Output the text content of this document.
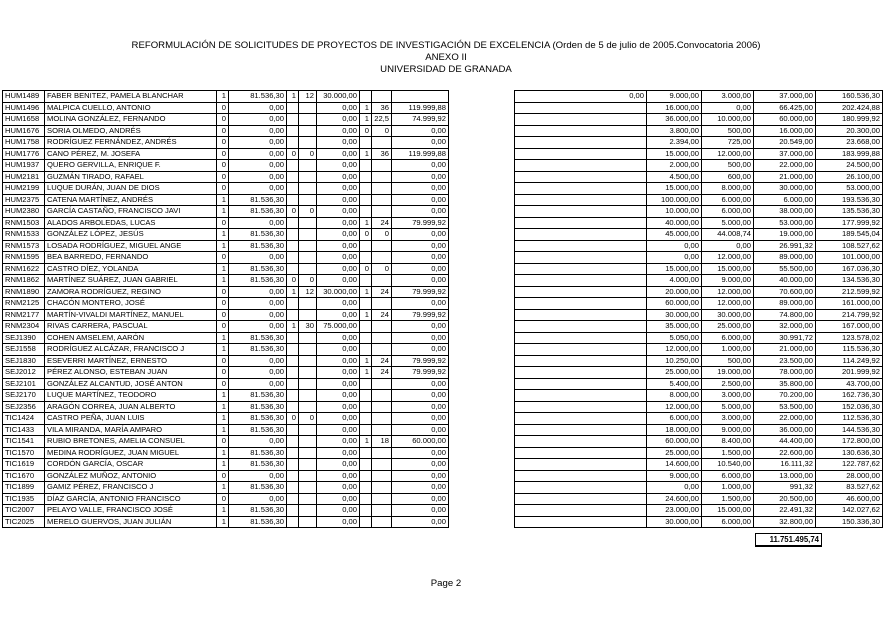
REFORMULACIÓN DE SOLICITUDES DE PROYECTOS DE INVESTIGACIÓN DE EXCELENCIA (Orden de 5 de julio de 2005.Convocatoria 2006)
ANEXO II
UNIVERSIDAD DE GRANADA
HUM1489	FABER BENITEZ, PAMELA BLANCHAR	1	81.536,30	1	12	30.000,00					0,00	9.000,00	3.000,00	37.000,00	160.536,30
HUM1496	MALPICA CUELLO, ANTONIO	0	0,00			0,00	1	36	119.999,88			16.000,00	0,00	66.425,00	202.424,88
HUM1658	MOLINA GONZÁLEZ, FERNANDO	0	0,00			0,00	1	22,5	74.999,92			36.000,00	10.000,00	60.000,00	180.999,92
HUM1676	SORIA OLMEDO, ANDRÉS	0	0,00			0,00	0	0	0,00			3.800,00	500,00	16.000,00	20.300,00
HUM1758	RODRÍGUEZ FERNÁNDEZ, ANDRÉS	0	0,00			0,00			0,00			2.394,00	725,00	20.549,00	23.668,00
HUM1776	CANO PÉREZ, M. JOSEFA	0	0,00	0	0	0,00	1	36	119.999,88			15.000,00	12.000,00	37.000,00	183.999,88
HUM1937	QUERO GERVILLA, ENRIQUE F.	0	0,00			0,00			0,00			2.000,00	500,00	22.000,00	24.500,00
HUM2181	GUZMÁN TIRADO, RAFAEL	0	0,00			0,00			0,00			4.500,00	600,00	21.000,00	26.100,00
HUM2199	LUQUE DURÁN, JUAN DE DIOS	0	0,00			0,00			0,00			15.000,00	8.000,00	30.000,00	53.000,00
HUM2375	CATENA MARTÍNEZ, ANDRÉS	1	81.536,30			0,00			0,00			100.000,00	6.000,00	6.000,00	193.536,30
HUM2380	GARCÍA CASTAÑO, FRANCISCO JAVI	1	81.536,30	0	0	0,00			0,00			10.000,00	6.000,00	38.000,00	135.536,30
RNM1503	ALADOS ARBOLEDAS, LUCAS	0	0,00			0,00	1	24	79.999,92			40.000,00	5.000,00	53.000,00	177.999,92
RNM1533	GONZÁLEZ LÓPEZ, JESÚS	1	81.536,30			0,00	0	0	0,00			45.000,00	44.008,74	19.000,00	189.545,04
RNM1573	LOSADA RODRÍGUEZ, MIGUEL ANGE	1	81.536,30			0,00			0,00			0,00	0,00	26.991,32	108.527,62
RNM1595	BEA BARREDO, FERNANDO	0	0,00			0,00			0,00			0,00	12.000,00	89.000,00	101.000,00
RNM1622	CASTRO DÍEZ, YOLANDA	1	81.536,30			0,00	0	0	0,00			15.000,00	15.000,00	55.500,00	167.036,30
RNM1862	MARTÍNEZ SUÁREZ, JUAN GABRIEL	1	81.536,30	0	0	0,00			0,00			4.000,00	9.000,00	40.000,00	134.536,30
RNM1890	ZAMORA RODRÍGUEZ, REGINO	0	0,00	1	12	30.000,00	1	24	79.999,92			20.000,00	12.000,00	70.600,00	212.599,92
RNM2125	CHACÓN MONTERO, JOSÉ	0	0,00			0,00			0,00			60.000,00	12.000,00	89.000,00	161.000,00
RNM2177	MARTÍN-VIVALDI MARTÍNEZ, MANUEL	0	0,00			0,00	1	24	79.999,92			30.000,00	30.000,00	74.800,00	214.799,92
RNM2304	RIVAS CARRERA, PASCUAL	0	0,00	1	30	75.000,00			0,00			35.000,00	25.000,00	32.000,00	167.000,00
SEJ1390	COHEN AMSELEM, AARÓN	1	81.536,30			0,00			0,00			5.050,00	6.000,00	30.991,72	123.578,02
SEJ1558	RODRÍGUEZ ALCÁZAR, FRANCISCO J	1	81.536,30			0,00			0,00			12.000,00	1.000,00	21.000,00	115.536,30
SEJ1830	ESEVERRI MARTÍNEZ, ERNESTO	0	0,00			0,00	1	24	79.999,92			10.250,00	500,00	23.500,00	114.249,92
SEJ2012	PÉREZ ALONSO, ESTEBAN JUAN	0	0,00			0,00	1	24	79.999,92			25.000,00	19.000,00	78.000,00	201.999,92
SEJ2101	GONZÁLEZ ALCANTUD, JOSÉ ANTON	0	0,00			0,00			0,00			5.400,00	2.500,00	35.800,00	43.700,00
SEJ2170	LUQUE MARTÍNEZ, TEODORO	1	81.536,30			0,00			0,00			8.000,00	3.000,00	70.200,00	162.736,30
SEJ2356	ARAGÓN CORREA, JUAN ALBERTO	1	81.536,30			0,00			0,00			12.000,00	5.000,00	53.500,00	152.036,30
TIC1424	CASTRO PEÑA, JUAN LUIS	1	81.536,30	0	0	0,00			0,00			6.000,00	3.000,00	22.000,00	112.536,30
TIC1433	VILA MIRANDA, MARÍA AMPARO	1	81.536,30			0,00			0,00			18.000,00	9.000,00	36.000,00	144.536,30
TIC1541	RUBIO BRETONES, AMELIA CONSUEL	0	0,00			0,00	1	18	60.000,00			60.000,00	8.400,00	44.400,00	172.800,00
TIC1570	MEDINA RODRÍGUEZ, JUAN MIGUEL	1	81.536,30			0,00			0,00			25.000,00	1.500,00	22.600,00	130.636,30
TIC1619	CORDÓN GARCÍA, OSCAR	1	81.536,30			0,00			0,00			14.600,00	10.540,00	16.111,32	122.787,62
TIC1670	GONZÁLEZ MUÑOZ, ANTONIO	0	0,00			0,00			0,00			9.000,00	6.000,00	13.000,00	28.000,00
TIC1899	GAMIZ PÉREZ, FRANCISCO J	1	81.536,30			0,00			0,00			0,00	1.000,00	991,32	83.527,62
TIC1935	DÍAZ GARCÍA, ANTONIO FRANCISCO	0	0,00			0,00			0,00			24.600,00	1.500,00	20.500,00	46.600,00
TIC2007	PELAYO VALLE, FRANCISCO JOSÉ	1	81.536,30			0,00			0,00			23.000,00	15.000,00	22.491,32	142.027,62
TIC2025	MERELO GUERVOS, JUAN JULIÁN	1	81.536,30			0,00			0,00			30.000,00	6.000,00	32.800,00	150.336,30
11.751.495,74
Page 2
